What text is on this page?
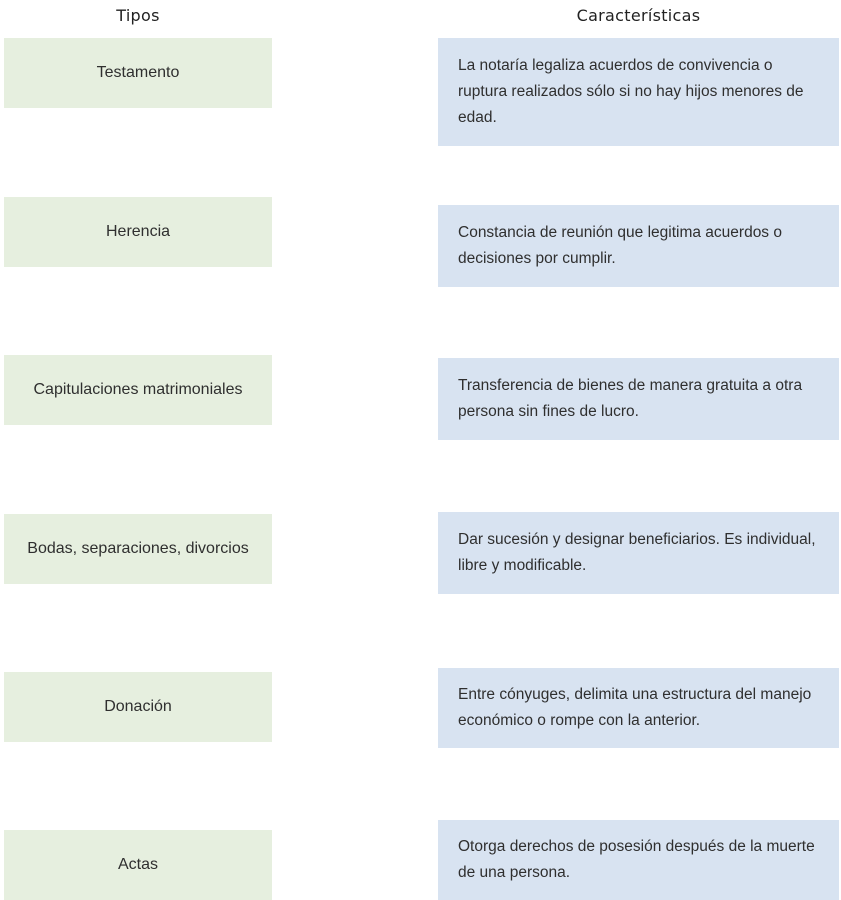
Tipos	Características
Testamento
Herencia
Capitulaciones matrimoniales
Bodas, separaciones, divorcios
Donación
Actas
La notaría legaliza acuerdos de convivencia o ruptura realizados sólo si no hay hijos menores de edad.
Constancia de reunión que legitima acuerdos o decisiones por cumplir.
Transferencia de bienes de manera gratuita a otra persona sin fines de lucro.
Dar sucesión y designar beneficiarios. Es individual, libre y modificable.
Entre cónyuges, delimita una estructura del manejo económico o rompe con la anterior.
Otorga derechos de posesión después de la muerte de una persona.
